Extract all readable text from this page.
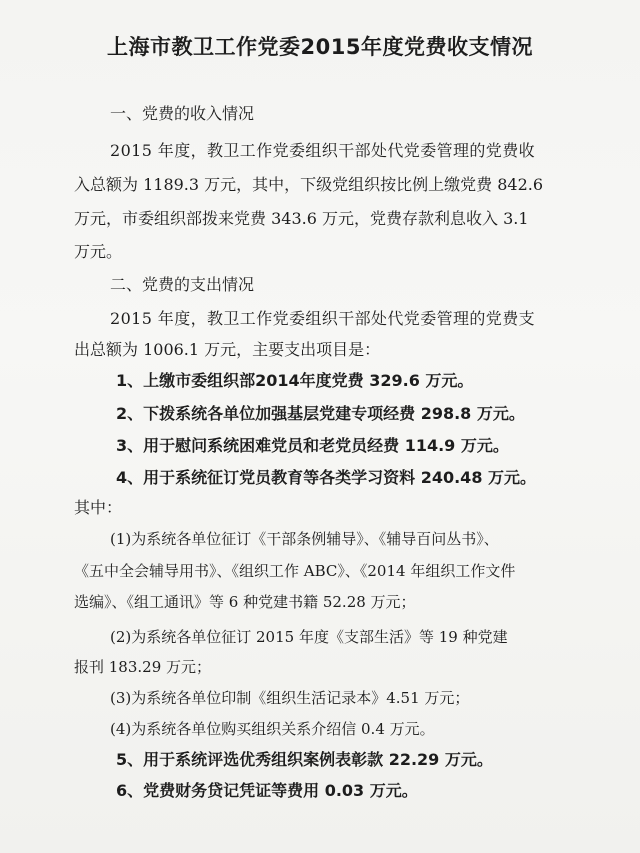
上海市教卫工作党委2015年度党费收支情况
一、党费的收入情况
2015 年度，教卫工作党委组织干部处代党委管理的党费收
入总额为 1189.3 万元，其中，下级党组织按比例上缴党费 842.6
万元，市委组织部拨来党费 343.6 万元，党费存款利息收入 3.1
万元。
二、党费的支出情况
2015 年度，教卫工作党委组织干部处代党委管理的党费支
出总额为 1006.1 万元，主要支出项目是：
1、上缴市委组织部2014年度党费 329.6 万元。
2、下拨系统各单位加强基层党建专项经费 298.8 万元。
3、用于慰问系统困难党员和老党员经费 114.9 万元。
4、用于系统征订党员教育等各类学习资料 240.48 万元。
其中：
(1)为系统各单位征订《干部条例辅导》、《辅导百问丛书》、
《五中全会辅导用书》、《组织工作 ABC》、《2014 年组织工作文件
选编》、《组工通讯》等 6 种党建书籍 52.28 万元；
(2)为系统各单位征订 2015 年度《支部生活》等 19 种党建
报刊 183.29 万元；
(3)为系统各单位印制《组织生活记录本》4.51 万元；
(4)为系统各单位购买组织关系介绍信 0.4 万元。
5、用于系统评选优秀组织案例表彰款 22.29 万元。
6、党费财务贷记凭证等费用 0.03 万元。
